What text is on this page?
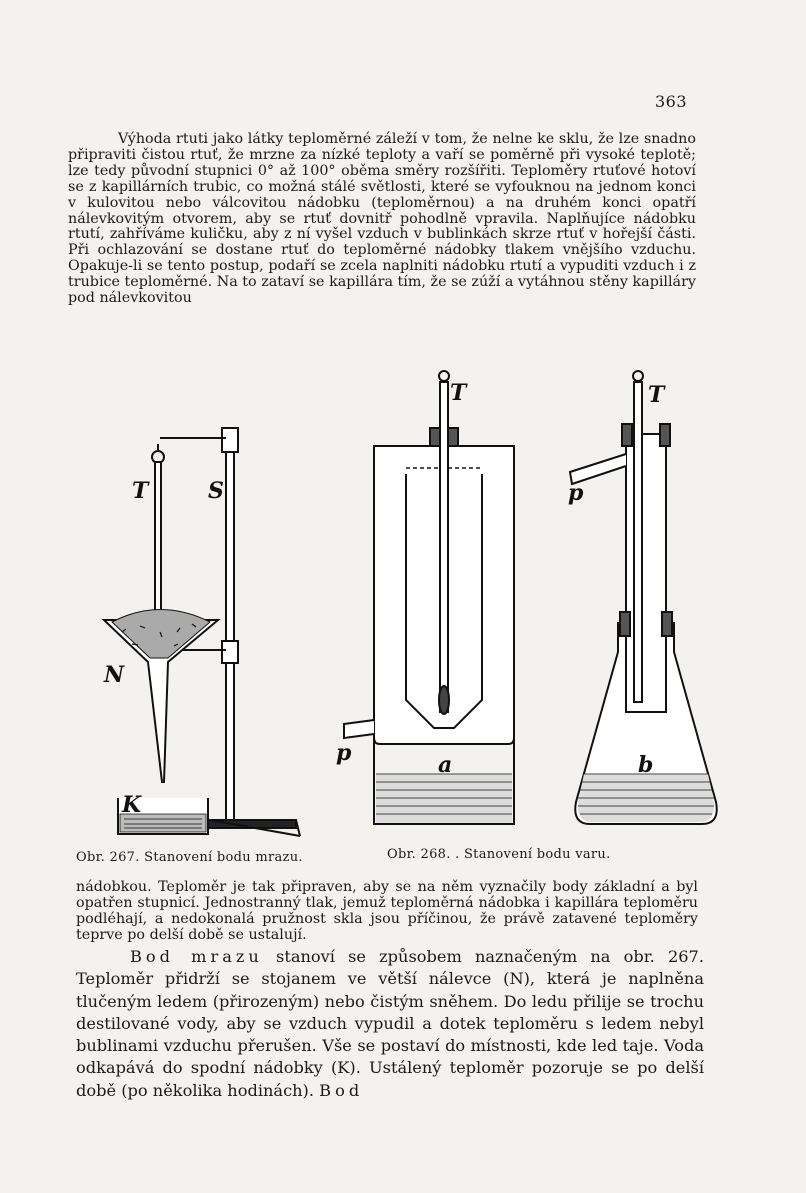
363

Výhoda rtuti jako látky teploměrné záleží v tom, že nelne ke sklu, že lze snadno připraviti čistou rtuť, že mrzne za nízké teploty a vaří se poměrně při vysoké teplotě; lze tedy původní stupnici 0° až 100° oběma směry rozšířiti. Teploměry rtuťové hotoví se z kapillárních trubic, co možná stálé světlosti, které se vyfouknou na jednom konci v kulovitou nebo válcovitou nádobku (teploměrnou) a na druhém konci opatří nálevkovitým otvorem, aby se rtuť dovnitř pohodlně vpravila. Naplňujíce nádobku rtutí, zahříváme kuličku, aby z ní vyšel vzduch v bublinkách skrze rtuť v hořejší části. Při ochlazování se dostane rtuť do teploměrné nádobky tlakem vnějšího vzduchu. Opakuje-li se tento postup, podaří se zcela naplniti nádobku rtutí a vypuditi vzduch i z trubice teploměrné. Na to zataví se kapillára tím, že se zúží a vytáhnou stěny kapilláry pod nálevkovitou

T	S
N
K
T
p	a
T
p
b
Obr. 267. Stanovení bodu mrazu.	Obr. 268. . Stanovení bodu varu.

nádobkou. Teploměr je tak připraven, aby se na něm vyznačily body základní a byl opatřen stupnicí. Jednostranný tlak, jemuž teploměrná nádobka i kapillára teploměru podléhají, a nedokonalá pružnost skla jsou příčinou, že právě zatavené teploměry teprve po delší době se ustalují.

Bod mrazu stanoví se způsobem naznačeným na obr. 267. Teploměr přidrží se stojanem ve větší nálevce (N), která je naplněna tlučeným ledem (přirozeným) nebo čistým sněhem. Do ledu přilije se trochu destilované vody, aby se vzduch vypudil a dotek teploměru s ledem nebyl bublinami vzduchu přerušen. Vše se postaví do místnosti, kde led taje. Voda odkapává do spodní nádobky (K). Ustálený teploměr pozoruje se po delší době (po několika hodinách). Bod
